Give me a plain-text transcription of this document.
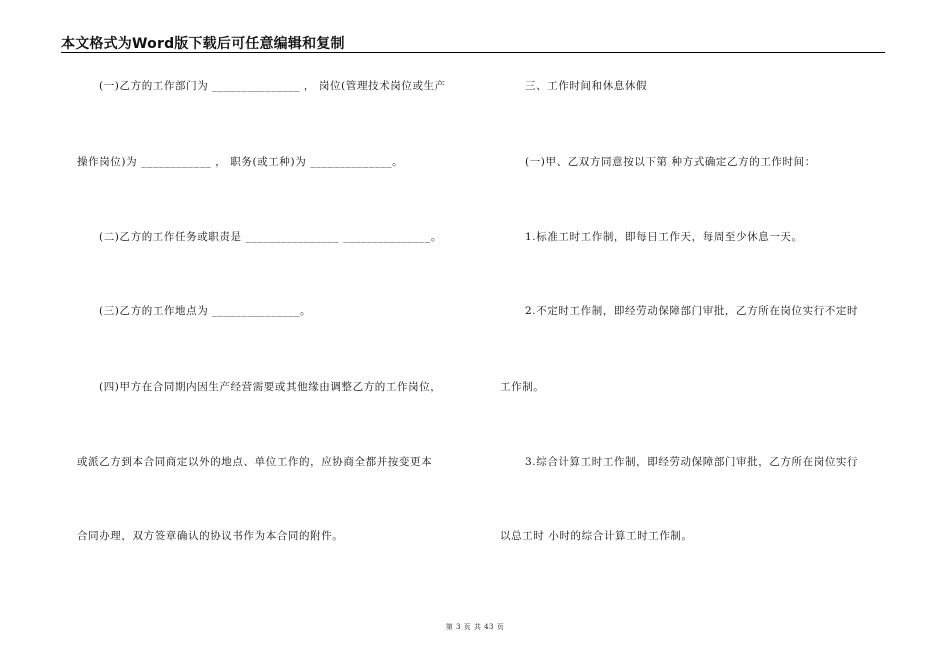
本文格式为Word版下载后可任意编辑和复制
(一)乙方的工作部门为 _______________ ， 岗位(管理技术岗位或生产
操作岗位)为 ____________ ， 职务(或工种)为 ______________。
(二)乙方的工作任务或职责是 ________________ _______________。
(三)乙方的工作地点为 _______________。
(四)甲方在合同期内因生产经营需要或其他缘由调整乙方的工作岗位，
或派乙方到本合同商定以外的地点、单位工作的，应协商全都并按变更本
合同办理，双方签章确认的协议书作为本合同的附件。
三、工作时间和休息休假
(一)甲、乙双方同意按以下第 种方式确定乙方的工作时间：
1.标准工时工作制，即每日工作天，每周至少休息一天。
2.不定时工作制，即经劳动保障部门审批，乙方所在岗位实行不定时
工作制。
3.综合计算工时工作制，即经劳动保障部门审批，乙方所在岗位实行
以总工时 小时的综合计算工时工作制。
第 3 页 共 43 页
